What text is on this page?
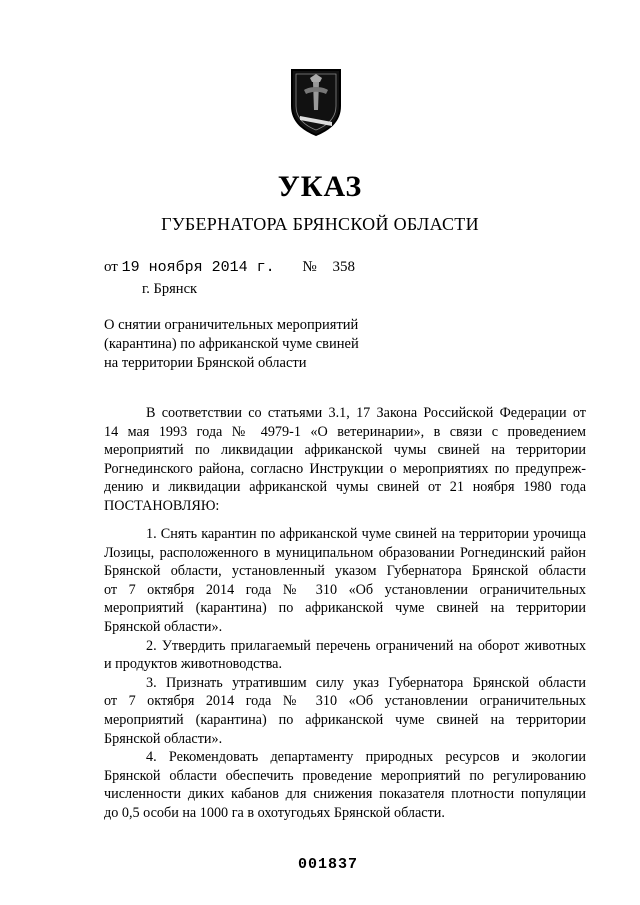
УКАЗ
ГУБЕРНАТОРА БРЯНСКОЙ ОБЛАСТИ
от 19 ноября 2014 г. № 358
г. Брянск
О снятии ограничительных мероприятий
(карантина) по африканской чуме свиней
на территории Брянской области
В соответствии со статьями 3.1, 17 Закона Российской Федерации от
14 мая 1993 года № 4979-1 «О ветеринарии», в связи с проведением
мероприятий по ликвидации африканской чумы свиней на территории
Рогнединского района, согласно Инструкции о мероприятиях по предупреж-
дению и ликвидации африканской чумы свиней от 21 ноября 1980 года
ПОСТАНОВЛЯЮ:
1. Снять карантин по африканской чуме свиней на территории урочища
Лозицы, расположенного в муниципальном образовании Рогнединский район
Брянской области, установленный указом Губернатора Брянской области
от 7 октября 2014 года № 310 «Об установлении ограничительных
мероприятий (карантина) по африканской чуме свиней на территории
Брянской области».
2. Утвердить прилагаемый перечень ограничений на оборот животных
и продуктов животноводства.
3. Признать утратившим силу указ Губернатора Брянской области
от 7 октября 2014 года № 310 «Об установлении ограничительных
мероприятий (карантина) по африканской чуме свиней на территории
Брянской области».
4. Рекомендовать департаменту природных ресурсов и экологии
Брянской области обеспечить проведение мероприятий по регулированию
численности диких кабанов для снижения показателя плотности популяции
до 0,5 особи на 1000 га в охотугодьях Брянской области.
001837
